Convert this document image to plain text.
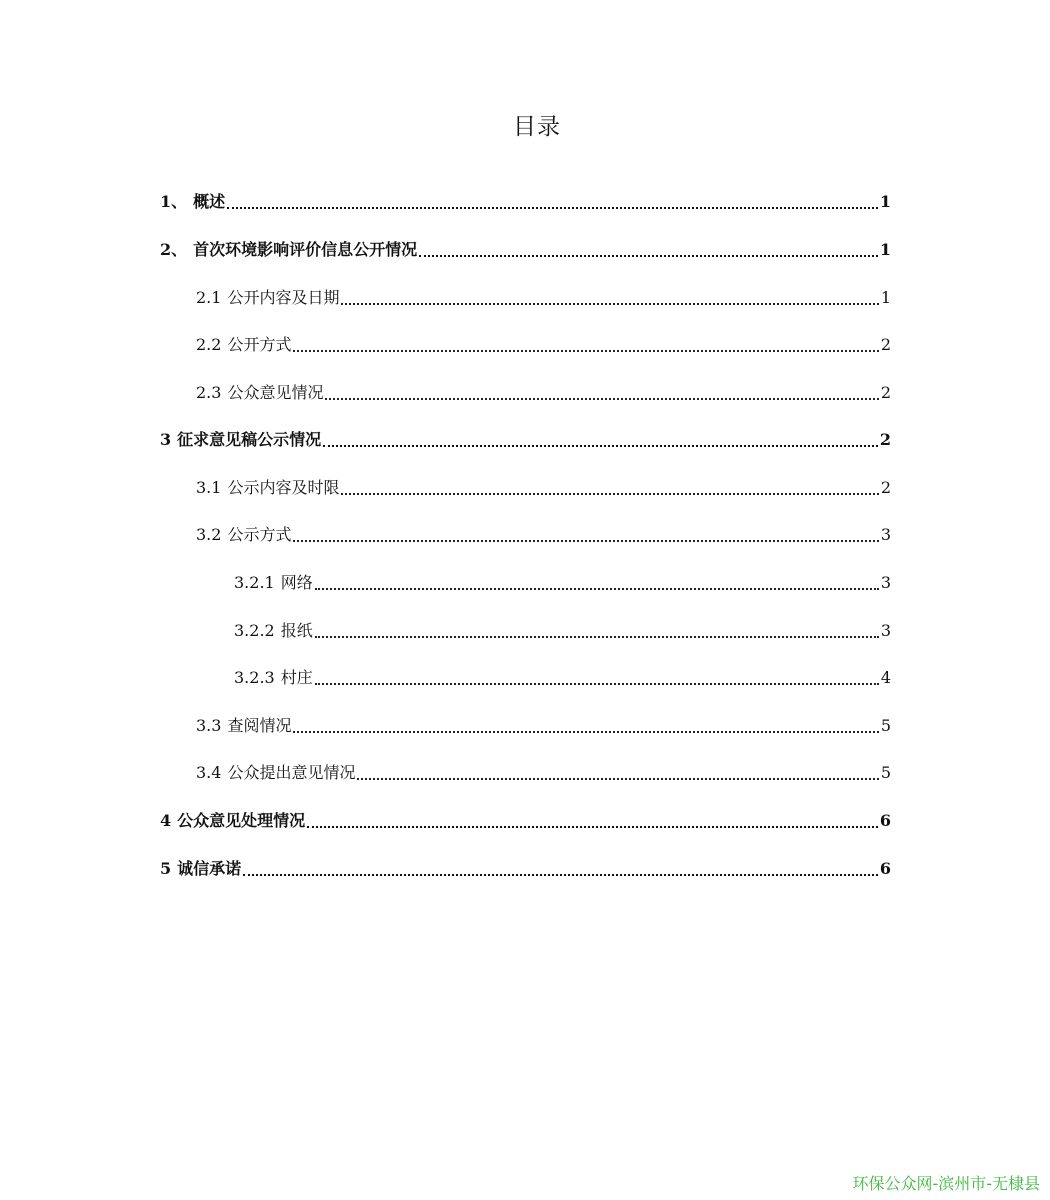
目录
1、 概述	1
2、 首次环境影响评价信息公开情况	1
2.1 公开内容及日期	1
2.2 公开方式	2
2.3 公众意见情况	2
3 征求意见稿公示情况	2
3.1 公示内容及时限	2
3.2 公示方式	3
3.2.1 网络	3
3.2.2 报纸	3
3.2.3 村庄	4
3.3 查阅情况	5
3.4 公众提出意见情况	5
4 公众意见处理情况	6
5 诚信承诺	6
环保公众网-滨州市-无棣县
